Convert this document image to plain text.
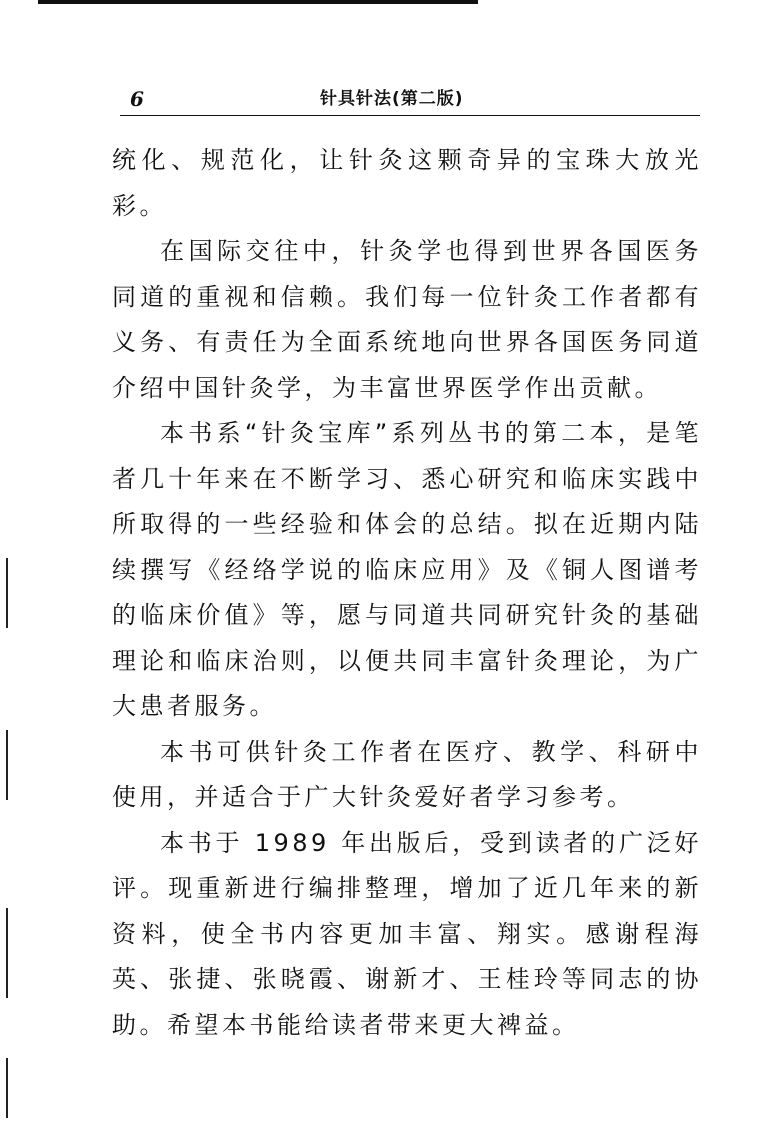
6	针具针法(第二版)

统化、规范化，让针灸这颗奇异的宝珠大放光彩。

在国际交往中，针灸学也得到世界各国医务同道的重视和信赖。我们每一位针灸工作者都有义务、有责任为全面系统地向世界各国医务同道介绍中国针灸学，为丰富世界医学作出贡献。

本书系“针灸宝库”系列丛书的第二本，是笔者几十年来在不断学习、悉心研究和临床实践中所取得的一些经验和体会的总结。拟在近期内陆续撰写《经络学说的临床应用》及《铜人图谱考的临床价值》等，愿与同道共同研究针灸的基础理论和临床治则，以便共同丰富针灸理论，为广大患者服务。

本书可供针灸工作者在医疗、教学、科研中使用，并适合于广大针灸爱好者学习参考。

本书于 1989 年出版后，受到读者的广泛好评。现重新进行编排整理，增加了近几年来的新资料，使全书内容更加丰富、翔实。感谢程海英、张捷、张晓霞、谢新才、王桂玲等同志的协助。希望本书能给读者带来更大裨益。
